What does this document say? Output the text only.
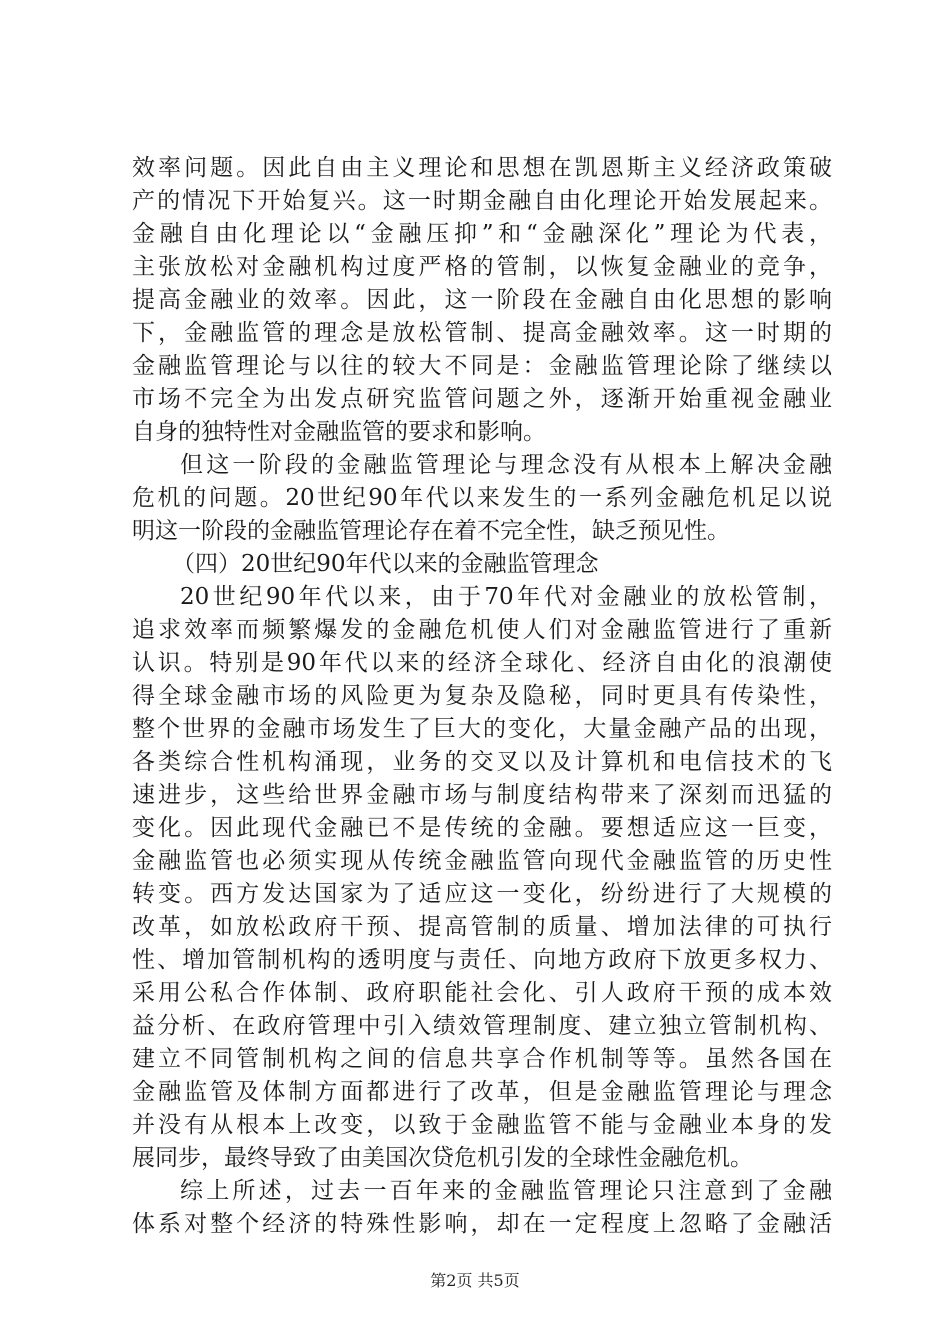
效率问题。因此自由主义理论和思想在凯恩斯主义经济政策破
产的情况下开始复兴。这一时期金融自由化理论开始发展起来。
金融自由化理论以“金融压抑”和“金融深化”理论为代表，
主张放松对金融机构过度严格的管制，以恢复金融业的竞争，
提高金融业的效率。因此，这一阶段在金融自由化思想的影响
下，金融监管的理念是放松管制、提高金融效率。这一时期的
金融监管理论与以往的较大不同是：金融监管理论除了继续以
市场不完全为出发点研究监管问题之外，逐渐开始重视金融业
自身的独特性对金融监管的要求和影响。
但这一阶段的金融监管理论与理念没有从根本上解决金融
危机的问题。20世纪90年代以来发生的一系列金融危机足以说
明这一阶段的金融监管理论存在着不完全性，缺乏预见性。
（四）20世纪90年代以来的金融监管理念
20世纪90年代以来，由于70年代对金融业的放松管制，
追求效率而频繁爆发的金融危机使人们对金融监管进行了重新
认识。特别是90年代以来的经济全球化、经济自由化的浪潮使
得全球金融市场的风险更为复杂及隐秘，同时更具有传染性，
整个世界的金融市场发生了巨大的变化，大量金融产品的出现，
各类综合性机构涌现，业务的交叉以及计算机和电信技术的飞
速进步，这些给世界金融市场与制度结构带来了深刻而迅猛的
变化。因此现代金融已不是传统的金融。要想适应这一巨变，
金融监管也必须实现从传统金融监管向现代金融监管的历史性
转变。西方发达国家为了适应这一变化，纷纷进行了大规模的
改革，如放松政府干预、提高管制的质量、增加法律的可执行
性、增加管制机构的透明度与责任、向地方政府下放更多权力、
采用公私合作体制、政府职能社会化、引人政府干预的成本效
益分析、在政府管理中引入绩效管理制度、建立独立管制机构、
建立不同管制机构之间的信息共享合作机制等等。虽然各国在
金融监管及体制方面都进行了改革，但是金融监管理论与理念
并没有从根本上改变，以致于金融监管不能与金融业本身的发
展同步，最终导致了由美国次贷危机引发的全球性金融危机。
综上所述，过去一百年来的金融监管理论只注意到了金融
体系对整个经济的特殊性影响，却在一定程度上忽略了金融活
第2页 共5页
